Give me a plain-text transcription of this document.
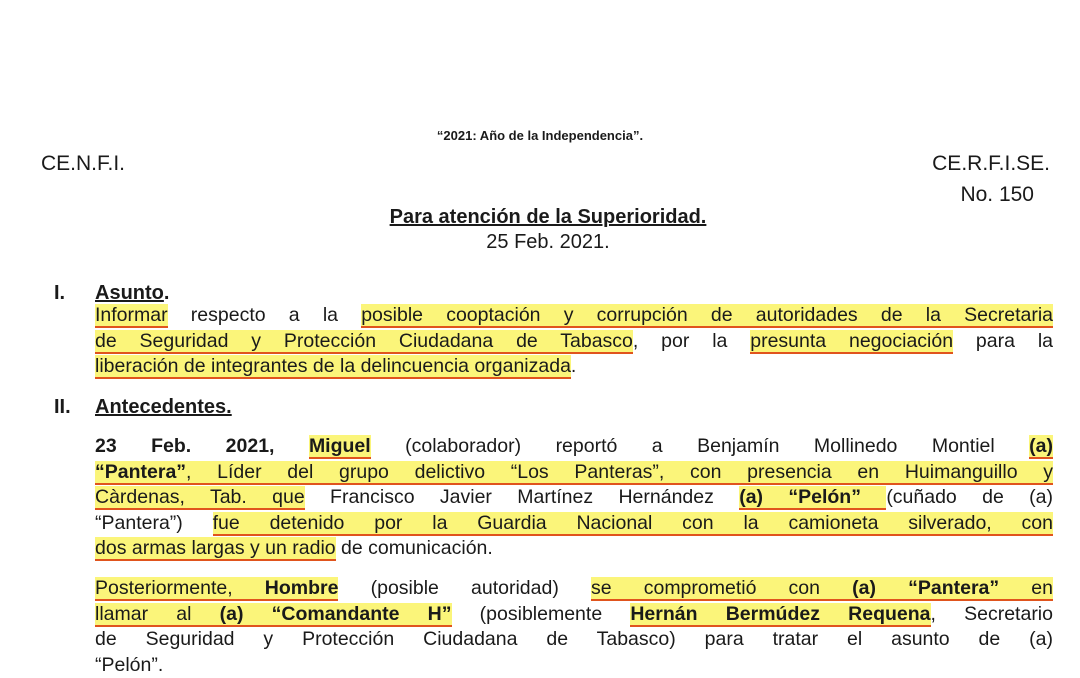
“2021: Año de la Independencia”.
CE.N.F.I.	CE.R.F.I.SE.
No. 150
Para atención de la Superioridad.
25 Feb. 2021.
I. Asunto.
Informar respecto a la posible cooptación y corrupción de autoridades de la Secretaria
de Seguridad y Protección Ciudadana de Tabasco, por la presunta negociación para la
liberación de integrantes de la delincuencia organizada.
II. Antecedentes.
23 Feb. 2021, Miguel (colaborador) reportó a Benjamín Mollinedo Montiel (a)
“Pantera”, Líder del grupo delictivo “Los Panteras”, con presencia en Huimanguillo y
Càrdenas, Tab. que Francisco Javier Martínez Hernández (a) “Pelón” (cuñado de (a)
“Pantera”) fue detenido por la Guardia Nacional con la camioneta silverado, con
dos armas largas y un radio de comunicación.
Posteriormente, Hombre (posible autoridad) se comprometió con (a) “Pantera” en
llamar al (a) “Comandante H” (posiblemente Hernán Bermúdez Requena, Secretario
de Seguridad y Protección Ciudadana de Tabasco) para tratar el asunto de (a)
“Pelón”.
